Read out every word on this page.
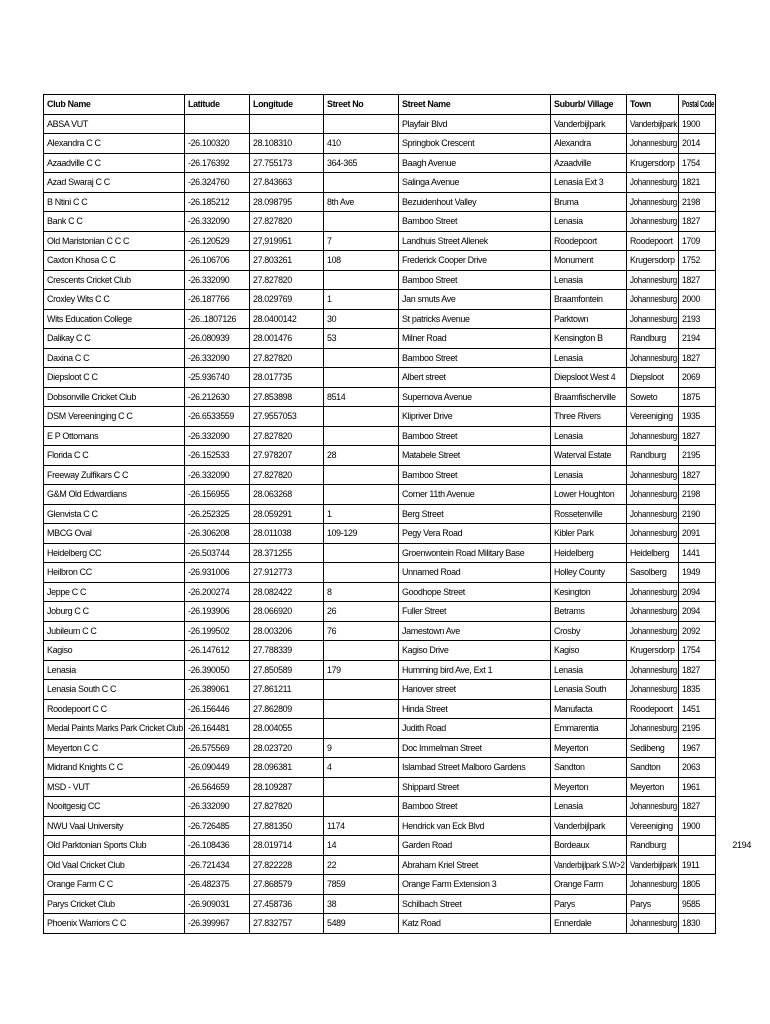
Club Name	Latitude	Longitude	Street No	Street Name	Suburb/ Village	Town	Postal Code
ABSA VUT				Playfair Blvd	Vanderbijlpark	Vanderbijlpark	1900
Alexandra C C	-26.100320	28.108310	410	Springbok Crescent	Alexandra	Johannesburg	2014
Azaadville C C	-26.176392	27.755173	364-365	Baagh Avenue	Azaadville	Krugersdorp	1754
Azad Swaraj C C	-26.324760	27.843663		Salinga Avenue	Lenasia Ext 3	Johannesburg	1821
B Ntini C C	-26.185212	28.098795	8th Ave	Bezuidenhout Valley	Bruma	Johannesburg	2198
Bank C C	-26.332090	27.827820		Bamboo Street	Lenasia	Johannesburg	1827
Old Maristonian C C C	-26.120529	27,919951	7	Landhuis Street Allenek	Roodepoort	Roodepoort	1709
Caxton Khosa C C	-26.106706	27.803261	108	Frederick Cooper Drive	Monument	Krugersdorp	1752
Crescents Cricket Club	-26.332090	27.827820		Bamboo Street	Lenasia	Johannesburg	1827
Croxley Wits C C	-26.187766	28.029769	1	Jan smuts Ave	Braamfontein	Johannesburg	2000
Wits Education College	-26..1807126	28.0400142	30	St patricks Avenue	Parktown	Johannesburg	2193
Dalikay C C	-26.080939	28.001476	53	Milner Road	Kensington B	Randburg	2194
Daxina C C	-26.332090	27.827820		Bamboo Street	Lenasia	Johannesburg	1827
Diepsloot C C	-25.936740	28.017735		Albert street	Diepsloot West 4	Diepsloot	2069
Dobsonville Cricket Club	-26.212630	27.853898	8514	Supernova Avenue	Braamfischerville	Soweto	1875
DSM Vereeninging C C	-26.6533559	27.9557053		Klipriver Drive	Three Rivers	Vereeniging	1935
E P Ottomans	-26.332090	27.827820		Bamboo Street	Lenasia	Johannesburg	1827
Florida C C	-26.152533	27.978207	28	Matabele Street	Waterval Estate	Randburg	2195
Freeway Zulfikars C C	-26.332090	27.827820		Bamboo Street	Lenasia	Johannesburg	1827
G&M Old Edwardians	-26.156955	28.063268		Corner 11th Avenue	Lower Houghton	Johannesburg	2198
Glenvista C C	-26.252325	28.059291	1	Berg Street	Rossetenville	Johannesburg	2190
MBCG Oval	-26.306208	28.011038	109-129	Pegy Vera Road	Kibler Park	Johannesburg	2091
Heidelberg CC	-26.503744	28.371255		Groenwontein Road Military Base	Heidelberg	Heidelberg	1441
Heilbron CC	-26.931006	27.912773		Unnamed Road	Holley County	Sasolberg	1949
Jeppe C C	-26.200274	28.082422	8	Goodhope Street	Kesington	Johannesburg	2094
Joburg C C	-26.193906	28.066920	26	Fuller Street	Betrams	Johannesburg	2094
Jubileum C C	-26.199502	28.003206	76	Jamestown Ave	Crosby	Johannesburg	2092
Kagiso	-26.147612	27.788339		Kagiso Drive	Kagiso	Krugersdorp	1754
Lenasia	-26.390050	27.850589	179	Humming bird Ave, Ext 1	Lenasia	Johannesburg	1827
Lenasia South C C	-26.389061	27.861211		Hanover street	Lenasia South	Johannesburg	1835
Roodepoort C C	-26.156446	27.862809		Hinda Street	Manufacta	Roodepoort	1451
Medal Paints Marks Park Cricket Club	-26.164481	28.004055		Judith Road	Emmarentia	Johannesburg	2195
Meyerton C C	-26.575569	28.023720	9	Doc Immelman Street	Meyerton	Sedibeng	1967
Midrand Knights C C	-26.090449	28.096381	4	Islambad Street Malboro Gardens	Sandton	Sandton	2063
MSD - VUT	-26.564659	28.109287		Shippard Street	Meyerton	Meyerton	1961
Nooitgesig CC	-26.332090	27.827820		Bamboo Street	Lenasia	Johannesburg	1827
NWU Vaal University	-26.726485	27.881350	1174	Hendrick van Eck Blvd	Vanderbijlpark	Vereeniging	1900
Old Parktonian Sports Club	-26.108436	28.019714	14	Garden Road	Bordeaux	Randburg	2194

Old Vaal Cricket Club	-26.721434	27.822228	22	Abraham Kriel Street	Vanderbijlpark S.W>2	Vanderbijlpark	1911
Orange Farm C C	-26.482375	27.868579	7859	Orange Farm Extension 3	Orange Farm	Johannesburg	1805
Parys Cricket Club	-26.909031	27.458736	38	Schilbach Street	Parys	Parys	9585
Phoenix Warriors C C	-26.399967	27.832757	5489	Katz Road	Ennerdale	Johannesburg	1830
